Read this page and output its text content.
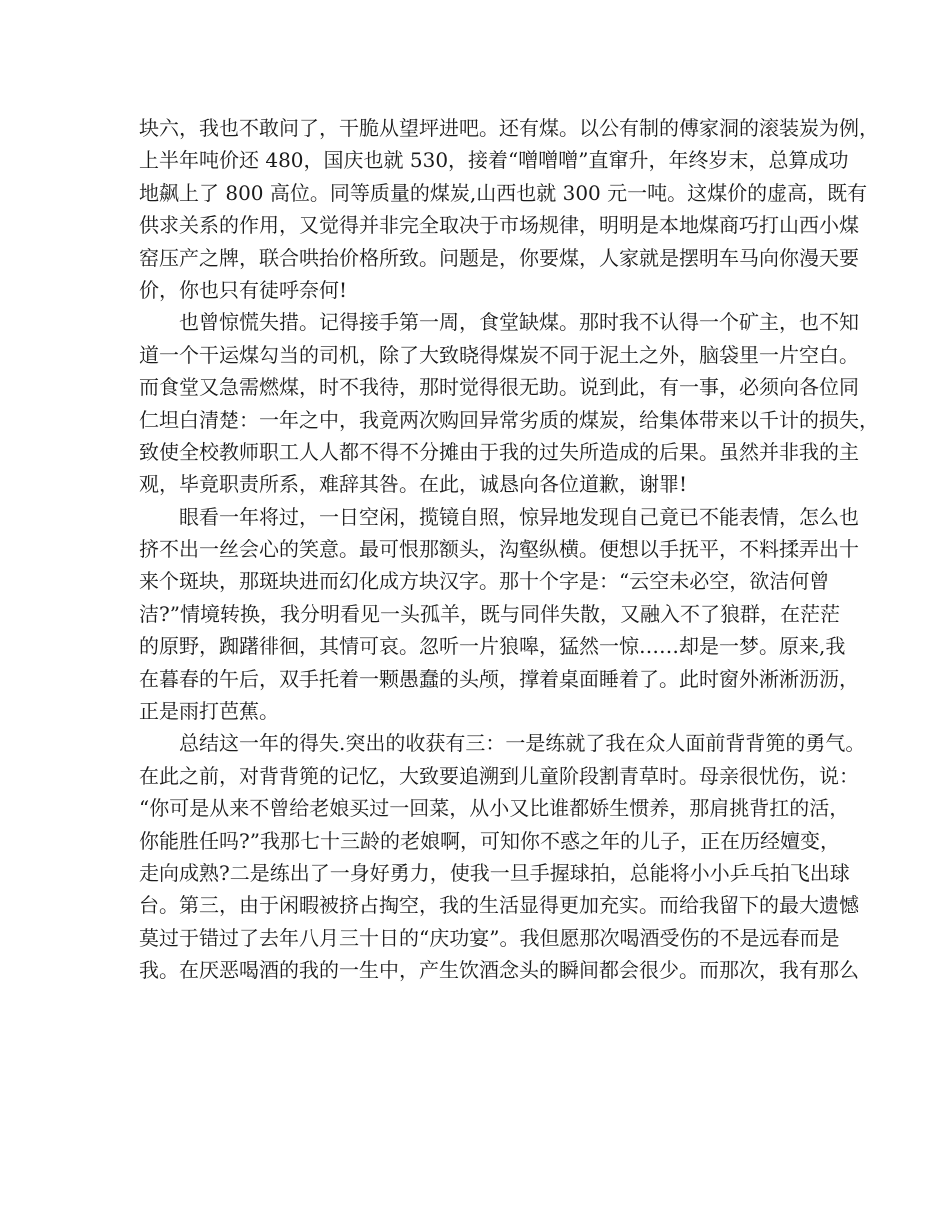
块六，我也不敢问了，干脆从望坪进吧。还有煤。以公有制的傅家洞的滚装炭为例，
上半年吨价还 480，国庆也就 530，接着“噌噌噌”直窜升，年终岁末，总算成功
地飙上了 800 高位。同等质量的煤炭,山西也就 300 元一吨。这煤价的虚高，既有
供求关系的作用，又觉得并非完全取决于市场规律，明明是本地煤商巧打山西小煤
窑压产之牌，联合哄抬价格所致。问题是，你要煤，人家就是摆明车马向你漫天要
价，你也只有徒呼奈何!
也曾惊慌失措。记得接手第一周，食堂缺煤。那时我不认得一个矿主，也不知
道一个干运煤勾当的司机，除了大致晓得煤炭不同于泥土之外，脑袋里一片空白。
而食堂又急需燃煤，时不我待，那时觉得很无助。说到此，有一事，必须向各位同
仁坦白清楚：一年之中，我竟两次购回异常劣质的煤炭，给集体带来以千计的损失，
致使全校教师职工人人都不得不分摊由于我的过失所造成的后果。虽然并非我的主
观，毕竟职责所系，难辞其咎。在此，诚恳向各位道歉，谢罪!
眼看一年将过，一日空闲，揽镜自照，惊异地发现自己竟已不能表情，怎么也
挤不出一丝会心的笑意。最可恨那额头，沟壑纵横。便想以手抚平，不料揉弄出十
来个斑块，那斑块进而幻化成方块汉字。那十个字是：“云空未必空，欲洁何曾
洁?”情境转换，我分明看见一头孤羊，既与同伴失散，又融入不了狼群，在茫茫
的原野，踟躇徘徊，其情可哀。忽听一片狼嗥，猛然一惊……却是一梦。原来,我
在暮春的午后，双手托着一颗愚蠢的头颅，撑着桌面睡着了。此时窗外淅淅沥沥，
正是雨打芭蕉。
总结这一年的得失.突出的收获有三：一是练就了我在众人面前背背篼的勇气。
在此之前，对背背篼的记忆，大致要追溯到儿童阶段割青草时。母亲很忧伤，说：
“你可是从来不曾给老娘买过一回菜，从小又比谁都娇生惯养，那肩挑背扛的活，
你能胜任吗?”我那七十三龄的老娘啊，可知你不惑之年的儿子，正在历经嬗变，
走向成熟?二是练出了一身好勇力，使我一旦手握球拍，总能将小小乒乓拍飞出球
台。第三，由于闲暇被挤占掏空，我的生活显得更加充实。而给我留下的最大遗憾
莫过于错过了去年八月三十日的“庆功宴”。我但愿那次喝酒受伤的不是远春而是
我。在厌恶喝酒的我的一生中，产生饮酒念头的瞬间都会很少。而那次，我有那么
